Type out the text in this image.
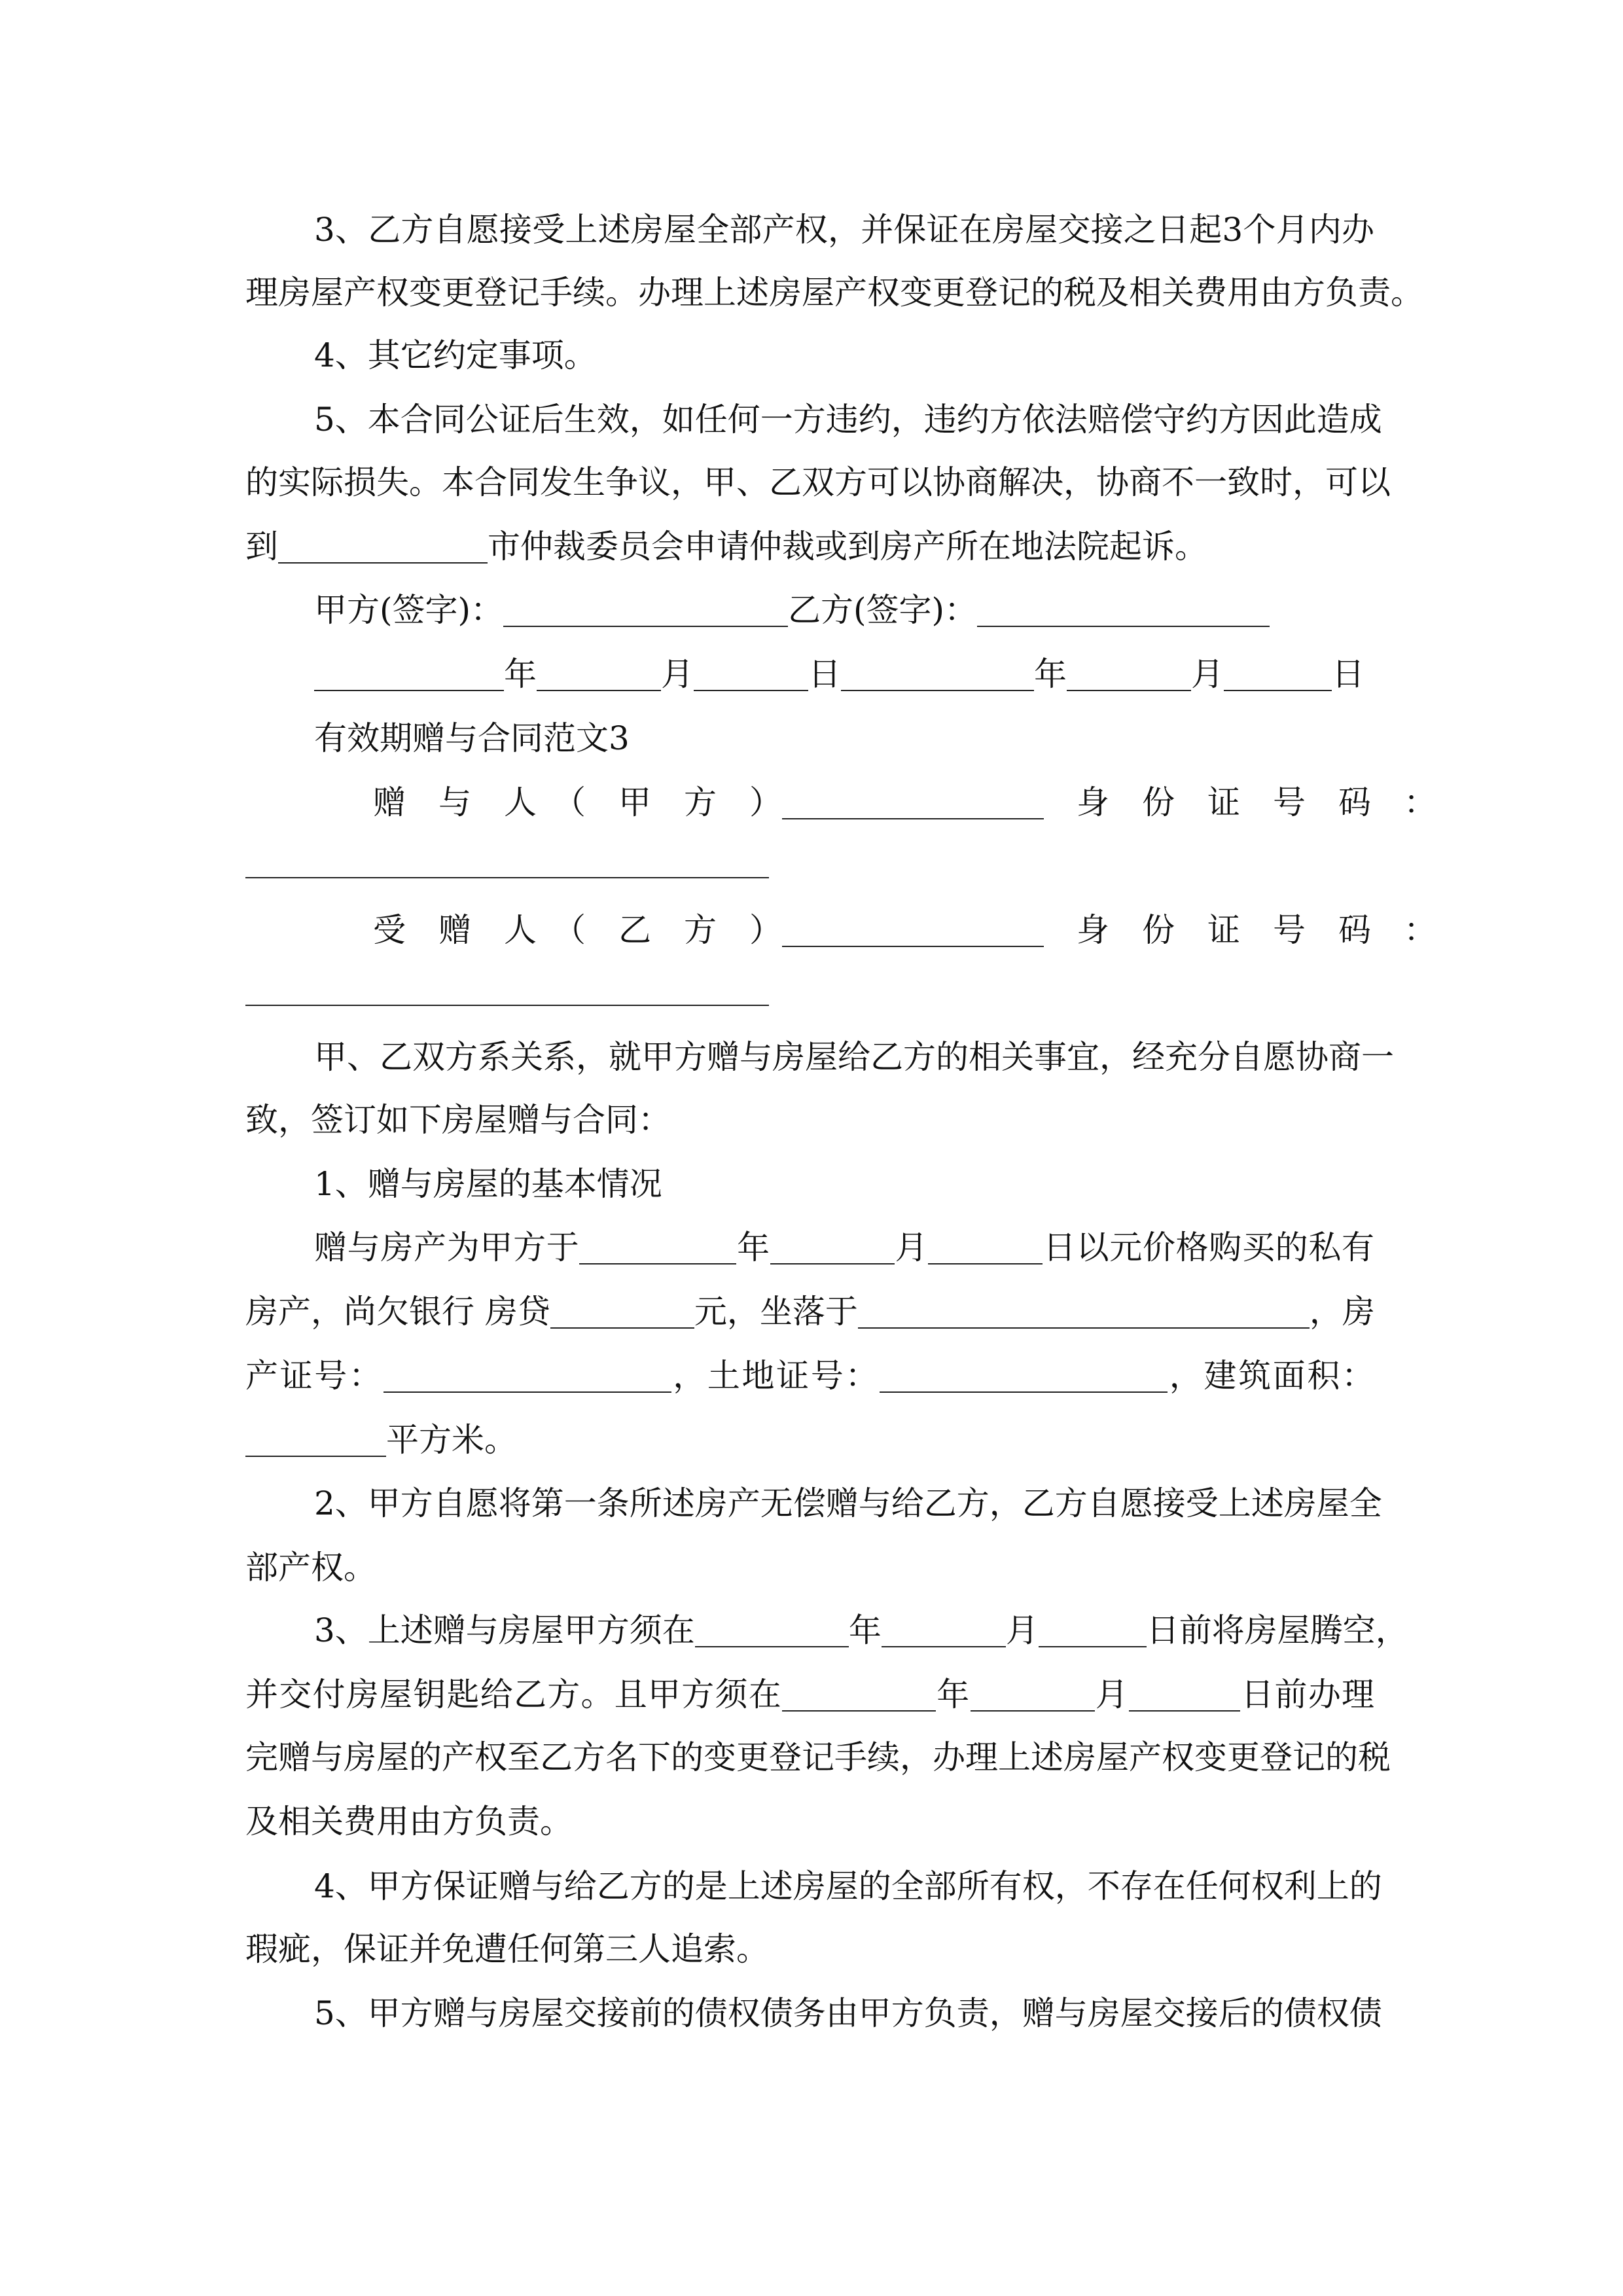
3、乙方自愿接受上述房屋全部产权，并保证在房屋交接之日起3个月内办
理房屋产权变更登记手续。办理上述房屋产权变更登记的税及相关费用由方负责。
4、其它约定事项。
5、本合同公证后生效，如任何一方违约，违约方依法赔偿守约方因此造成
的实际损失。本合同发生争议，甲、乙双方可以协商解决，协商不一致时，可以
到	市仲裁委员会申请仲裁或到房产所在地法院起诉。
甲方(签字)：	乙方(签字)：
年	月	日	年	月	日
有效期赠与合同范文3
赠　与　人　（　甲　方　）	　身　份　证　号　码　：
受　赠　人　（　乙　方　）	　身　份　证　号　码　：
甲、乙双方系关系，就甲方赠与房屋给乙方的相关事宜，经充分自愿协商一
致，签订如下房屋赠与合同：
1、赠与房屋的基本情况
赠与房产为甲方于	年	月	日以元价格购买的私有
房产，尚欠银行 房贷	元，坐落于	，房
产证号：	，土地证号：	，建筑面积：
平方米。
2、甲方自愿将第一条所述房产无偿赠与给乙方，乙方自愿接受上述房屋全
部产权。
3、上述赠与房屋甲方须在	年	月	日前将房屋腾空，
并交付房屋钥匙给乙方。且甲方须在	年	月	日前办理
完赠与房屋的产权至乙方名下的变更登记手续，办理上述房屋产权变更登记的税
及相关费用由方负责。
4、甲方保证赠与给乙方的是上述房屋的全部所有权，不存在任何权利上的
瑕疵，保证并免遭任何第三人追索。
5、甲方赠与房屋交接前的债权债务由甲方负责，赠与房屋交接后的债权债
